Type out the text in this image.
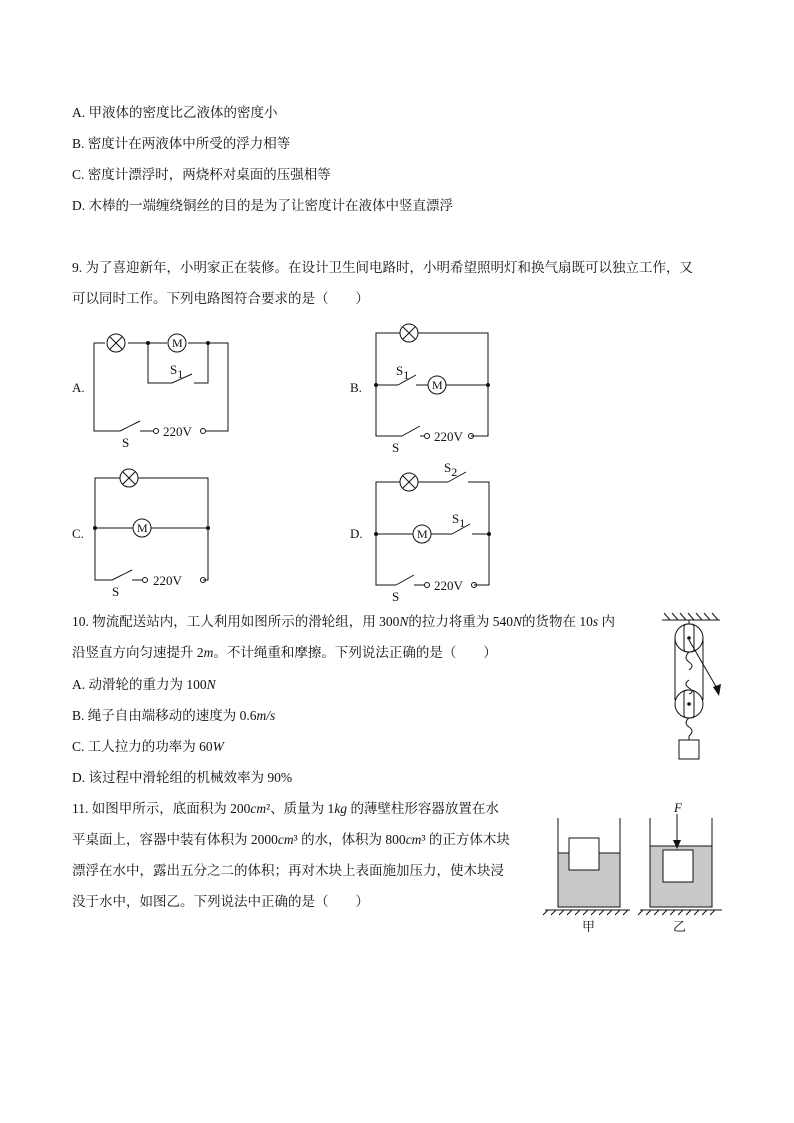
A. 甲液体的密度比乙液体的密度小
B. 密度计在两液体中所受的浮力相等
C. 密度计漂浮时，两烧杯对桌面的压强相等
D. 木棒的一端缠绕铜丝的目的是为了让密度计在液体中竖直漂浮
9. 为了喜迎新年，小明家正在装修。在设计卫生间电路时，小明希望照明灯和换气扇既可以独立工作，又
可以同时工作。下列电路图符合要求的是（　　）
A.
M
S1
220V
S
B.	M
S1
220V
S
C.	M
220V
S
D.
S2
M
S1
220V
S
10. 物流配送站内，工人利用如图所示的滑轮组，用 300N的拉力将重为 540N的货物在 10s 内
沿竖直方向匀速提升 2m。不计绳重和摩擦。下列说法正确的是（　　）
A. 动滑轮的重力为 100N
B. 绳子自由端移动的速度为 0.6m/s
C. 工人拉力的功率为 60W
D. 该过程中滑轮组的机械效率为 90%
11. 如图甲所示，底面积为 200cm²、质量为 1kg 的薄壁柱形容器放置在水
平桌面上，容器中装有体积为 2000cm³ 的水，体积为 800cm³ 的正方体木块
漂浮在水中，露出五分之二的体积；再对木块上表面施加压力，使木块浸
没于水中，如图乙。下列说法中正确的是（　　）
甲
F
乙
